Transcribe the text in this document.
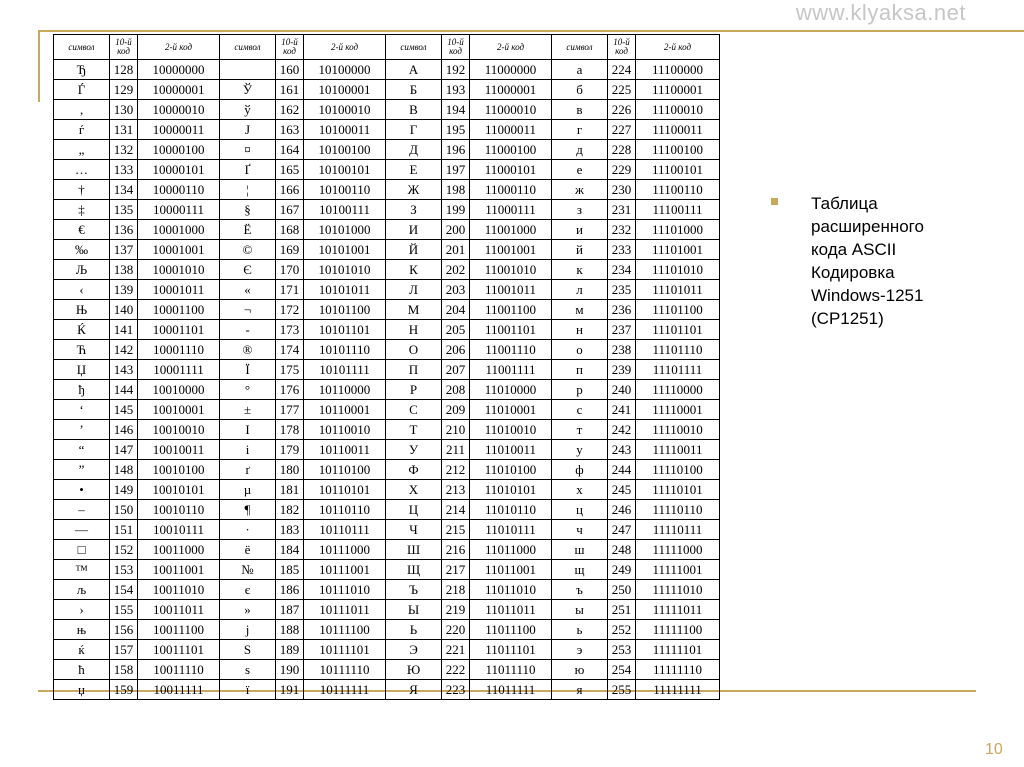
www.klyaksa.net
символ	10-й код	2-й код	символ	10-й код	2-й код	символ	10-й код	2-й код	символ	10-й код	2-й код
Ђ	128	10000000		160	10100000	А	192	11000000	а	224	11100000
Ѓ	129	10000001	Ў	161	10100001	Б	193	11000001	б	225	11100001
‚	130	10000010	ў	162	10100010	В	194	11000010	в	226	11100010
ѓ	131	10000011	Ј	163	10100011	Г	195	11000011	г	227	11100011
„	132	10000100	¤	164	10100100	Д	196	11000100	д	228	11100100
…	133	10000101	Ґ	165	10100101	Е	197	11000101	е	229	11100101
†	134	10000110	¦	166	10100110	Ж	198	11000110	ж	230	11100110
‡	135	10000111	§	167	10100111	З	199	11000111	з	231	11100111
€	136	10001000	Ё	168	10101000	И	200	11001000	и	232	11101000
‰	137	10001001	©	169	10101001	Й	201	11001001	й	233	11101001
Љ	138	10001010	Є	170	10101010	К	202	11001010	к	234	11101010
‹	139	10001011	«	171	10101011	Л	203	11001011	л	235	11101011
Њ	140	10001100	¬	172	10101100	М	204	11001100	м	236	11101100
Ќ	141	10001101	-	173	10101101	Н	205	11001101	н	237	11101101
Ћ	142	10001110	®	174	10101110	О	206	11001110	о	238	11101110
Џ	143	10001111	Ї	175	10101111	П	207	11001111	п	239	11101111
ђ	144	10010000	°	176	10110000	Р	208	11010000	р	240	11110000
‘	145	10010001	±	177	10110001	С	209	11010001	с	241	11110001
’	146	10010010	І	178	10110010	Т	210	11010010	т	242	11110010
“	147	10010011	і	179	10110011	У	211	11010011	у	243	11110011
”	148	10010100	ґ	180	10110100	Ф	212	11010100	ф	244	11110100
•	149	10010101	µ	181	10110101	Х	213	11010101	х	245	11110101
–	150	10010110	¶	182	10110110	Ц	214	11010110	ц	246	11110110
—	151	10010111	·	183	10110111	Ч	215	11010111	ч	247	11110111
□	152	10011000	ё	184	10111000	Ш	216	11011000	ш	248	11111000
™	153	10011001	№	185	10111001	Щ	217	11011001	щ	249	11111001
љ	154	10011010	є	186	10111010	Ъ	218	11011010	ъ	250	11111010
›	155	10011011	»	187	10111011	Ы	219	11011011	ы	251	11111011
њ	156	10011100	ј	188	10111100	Ь	220	11011100	ь	252	11111100
ќ	157	10011101	Ѕ	189	10111101	Э	221	11011101	э	253	11111101
ћ	158	10011110	ѕ	190	10111110	Ю	222	11011110	ю	254	11111110
џ	159	10011111	ї	191	10111111	Я	223	11011111	я	255	11111111
Таблица
расширенного
кода ASCII
Кодировка
Windows-1251
(CP1251)
10
